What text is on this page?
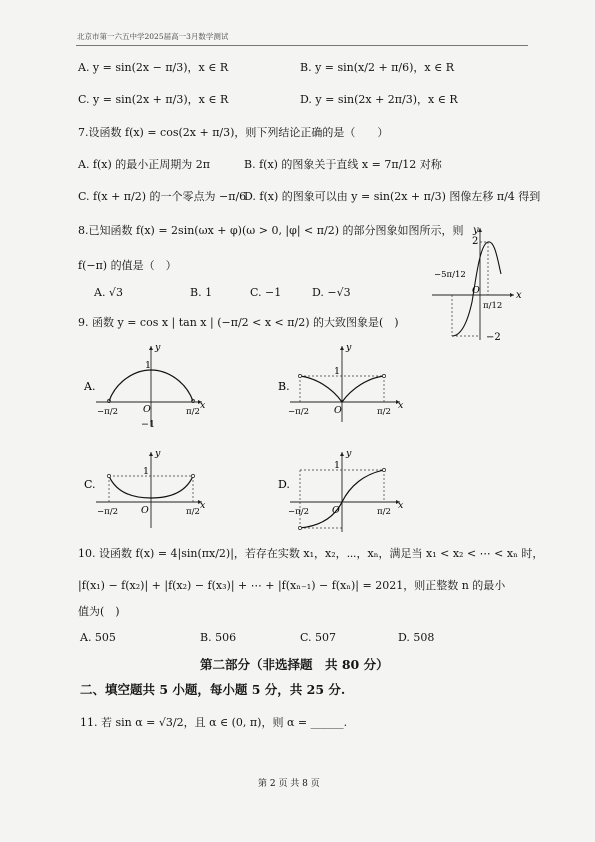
北京市第一六五中学2025届高一3月数学测试
A. y = sin(2x − π/3)，x ∈ R	B. y = sin(x/2 + π/6)，x ∈ R
C. y = sin(2x + π/3)，x ∈ R	D. y = sin(2x + 2π/3)，x ∈ R
7.设函数 f(x) = cos(2x + π/3)，则下列结论正确的是（　　）
A. f(x) 的最小正周期为 2π	B. f(x) 的图象关于直线 x = 7π/12 对称
C. f(x + π/2) 的一个零点为 −π/6
D. f(x) 的图象可以由 y = sin(2x + π/3) 图像左移 π/4 得到
8.已知函数 f(x) = 2sin(ωx + φ)(ω > 0, |φ| < π/2) 的部分图象如图所示，则
f(−π) 的值是（　）
A. √3	B. 1	C. −1	D. −√3
y
2
−2
O	x
−5π/12
π/12
9. 函数 y = cos x | tan x | (−π/2 < x < π/2) 的大致图象是(　)
A.
y
1
O	x
−1
−π/2	π/2
B.
y
1
O	x
−π/2	π/2
C.
y
1
O	x
−π/2	π/2
D.
y
1
O	x
−π/2	π/2
10. 设函数 f(x) = 4|sin(πx/2)|，若存在实数 x₁，x₂，⋯，xₙ，满足当 x₁ < x₂ < ⋯ < xₙ 时，
|f(x₁) − f(x₂)| + |f(x₂) − f(x₃)| + ⋯ + |f(xₙ₋₁) − f(xₙ)| = 2021，则正整数 n 的最小
值为(　)
A. 505	B. 506	C. 507	D. 508
第二部分（非选择题　共 80 分）
二、填空题共 5 小题，每小题 5 分，共 25 分.
11. 若 sin α = √3/2，且 α ∈ (0, π)，则 α = ______.
第 2 页 共 8 页
